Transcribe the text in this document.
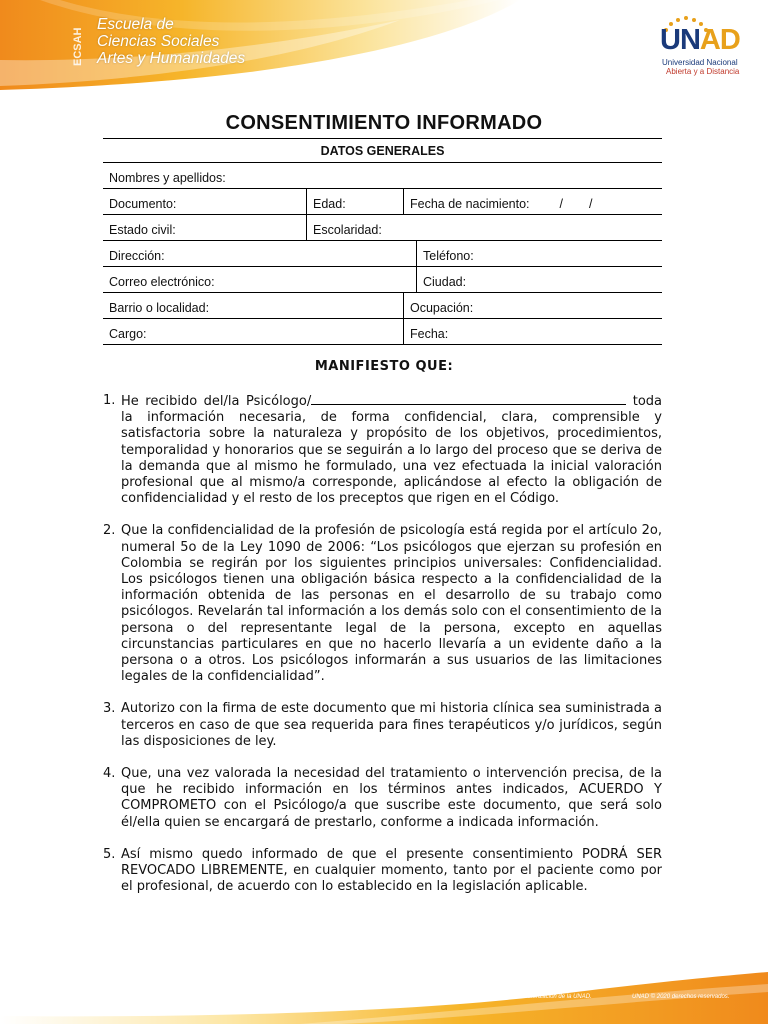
ECSAH
Escuela de
Ciencias Sociales
Artes y Humanidades
UNAD
Universidad Nacional
Abierta y a Distancia
CONSENTIMIENTO INFORMADO
DATOS GENERALES
Nombres y apellidos:
Documento:	Edad:	Fecha de nacimiento: / /
Estado civil:	Escolaridad:
Dirección:	Teléfono:
Correo electrónico:	Ciudad:
Barrio o localidad:	Ocupación:
Cargo:	Fecha:
MANIFIESTO QUE:
1. He recibido del/la Psicólogo/	toda la información necesaria, de forma confidencial, clara, comprensible y satisfactoria sobre la naturaleza y propósito de los objetivos, procedimientos, temporalidad y honorarios que se seguirán a lo largo del proceso que se deriva de la demanda que al mismo he formulado, una vez efectuada la inicial valoración profesional que al mismo/a corresponde, aplicándose al efecto la obligación de confidencialidad y el resto de los preceptos que rigen en el Código.
2. Que la confidencialidad de la profesión de psicología está regida por el artículo 2o, numeral 5o de la Ley 1090 de 2006: “Los psicólogos que ejerzan su profesión en Colombia se regirán por los siguientes principios universales: Confidencialidad. Los psicólogos tienen una obligación básica respecto a la confidencialidad de la información obtenida de las personas en el desarrollo de su trabajo como psicólogos. Revelarán tal información a los demás solo con el consentimiento de la persona o del representante legal de la persona, excepto en aquellas circunstancias particulares en que no hacerlo llevaría a un evidente daño a la persona o a otros. Los psicólogos informarán a sus usuarios de las limitaciones legales de la confidencialidad”.
3. Autorizo con la firma de este documento que mi historia clínica sea suministrada a terceros en caso de que sea requerida para fines terapéuticos y/o jurídicos, según las disposiciones de ley.
4. Que, una vez valorada la necesidad del tratamiento o intervención precisa, de la que he recibido información en los términos antes indicados, ACUERDO Y COMPROMETO con el Psicólogo/a que suscribe este documento, que será solo él/ella quien se encargará de prestarlo, conforme a indicada información.
5. Así mismo quedo informado de que el presente consentimiento PODRÁ SER REVOCADO LIBREMENTE, en cualquier momento, tanto por el paciente como por el profesional, de acuerdo con lo establecido en la legislación aplicable.
Prohibida su reproducción y copia sin autorización de la UNAD.	UNAD © 2020 derechos reservados.
